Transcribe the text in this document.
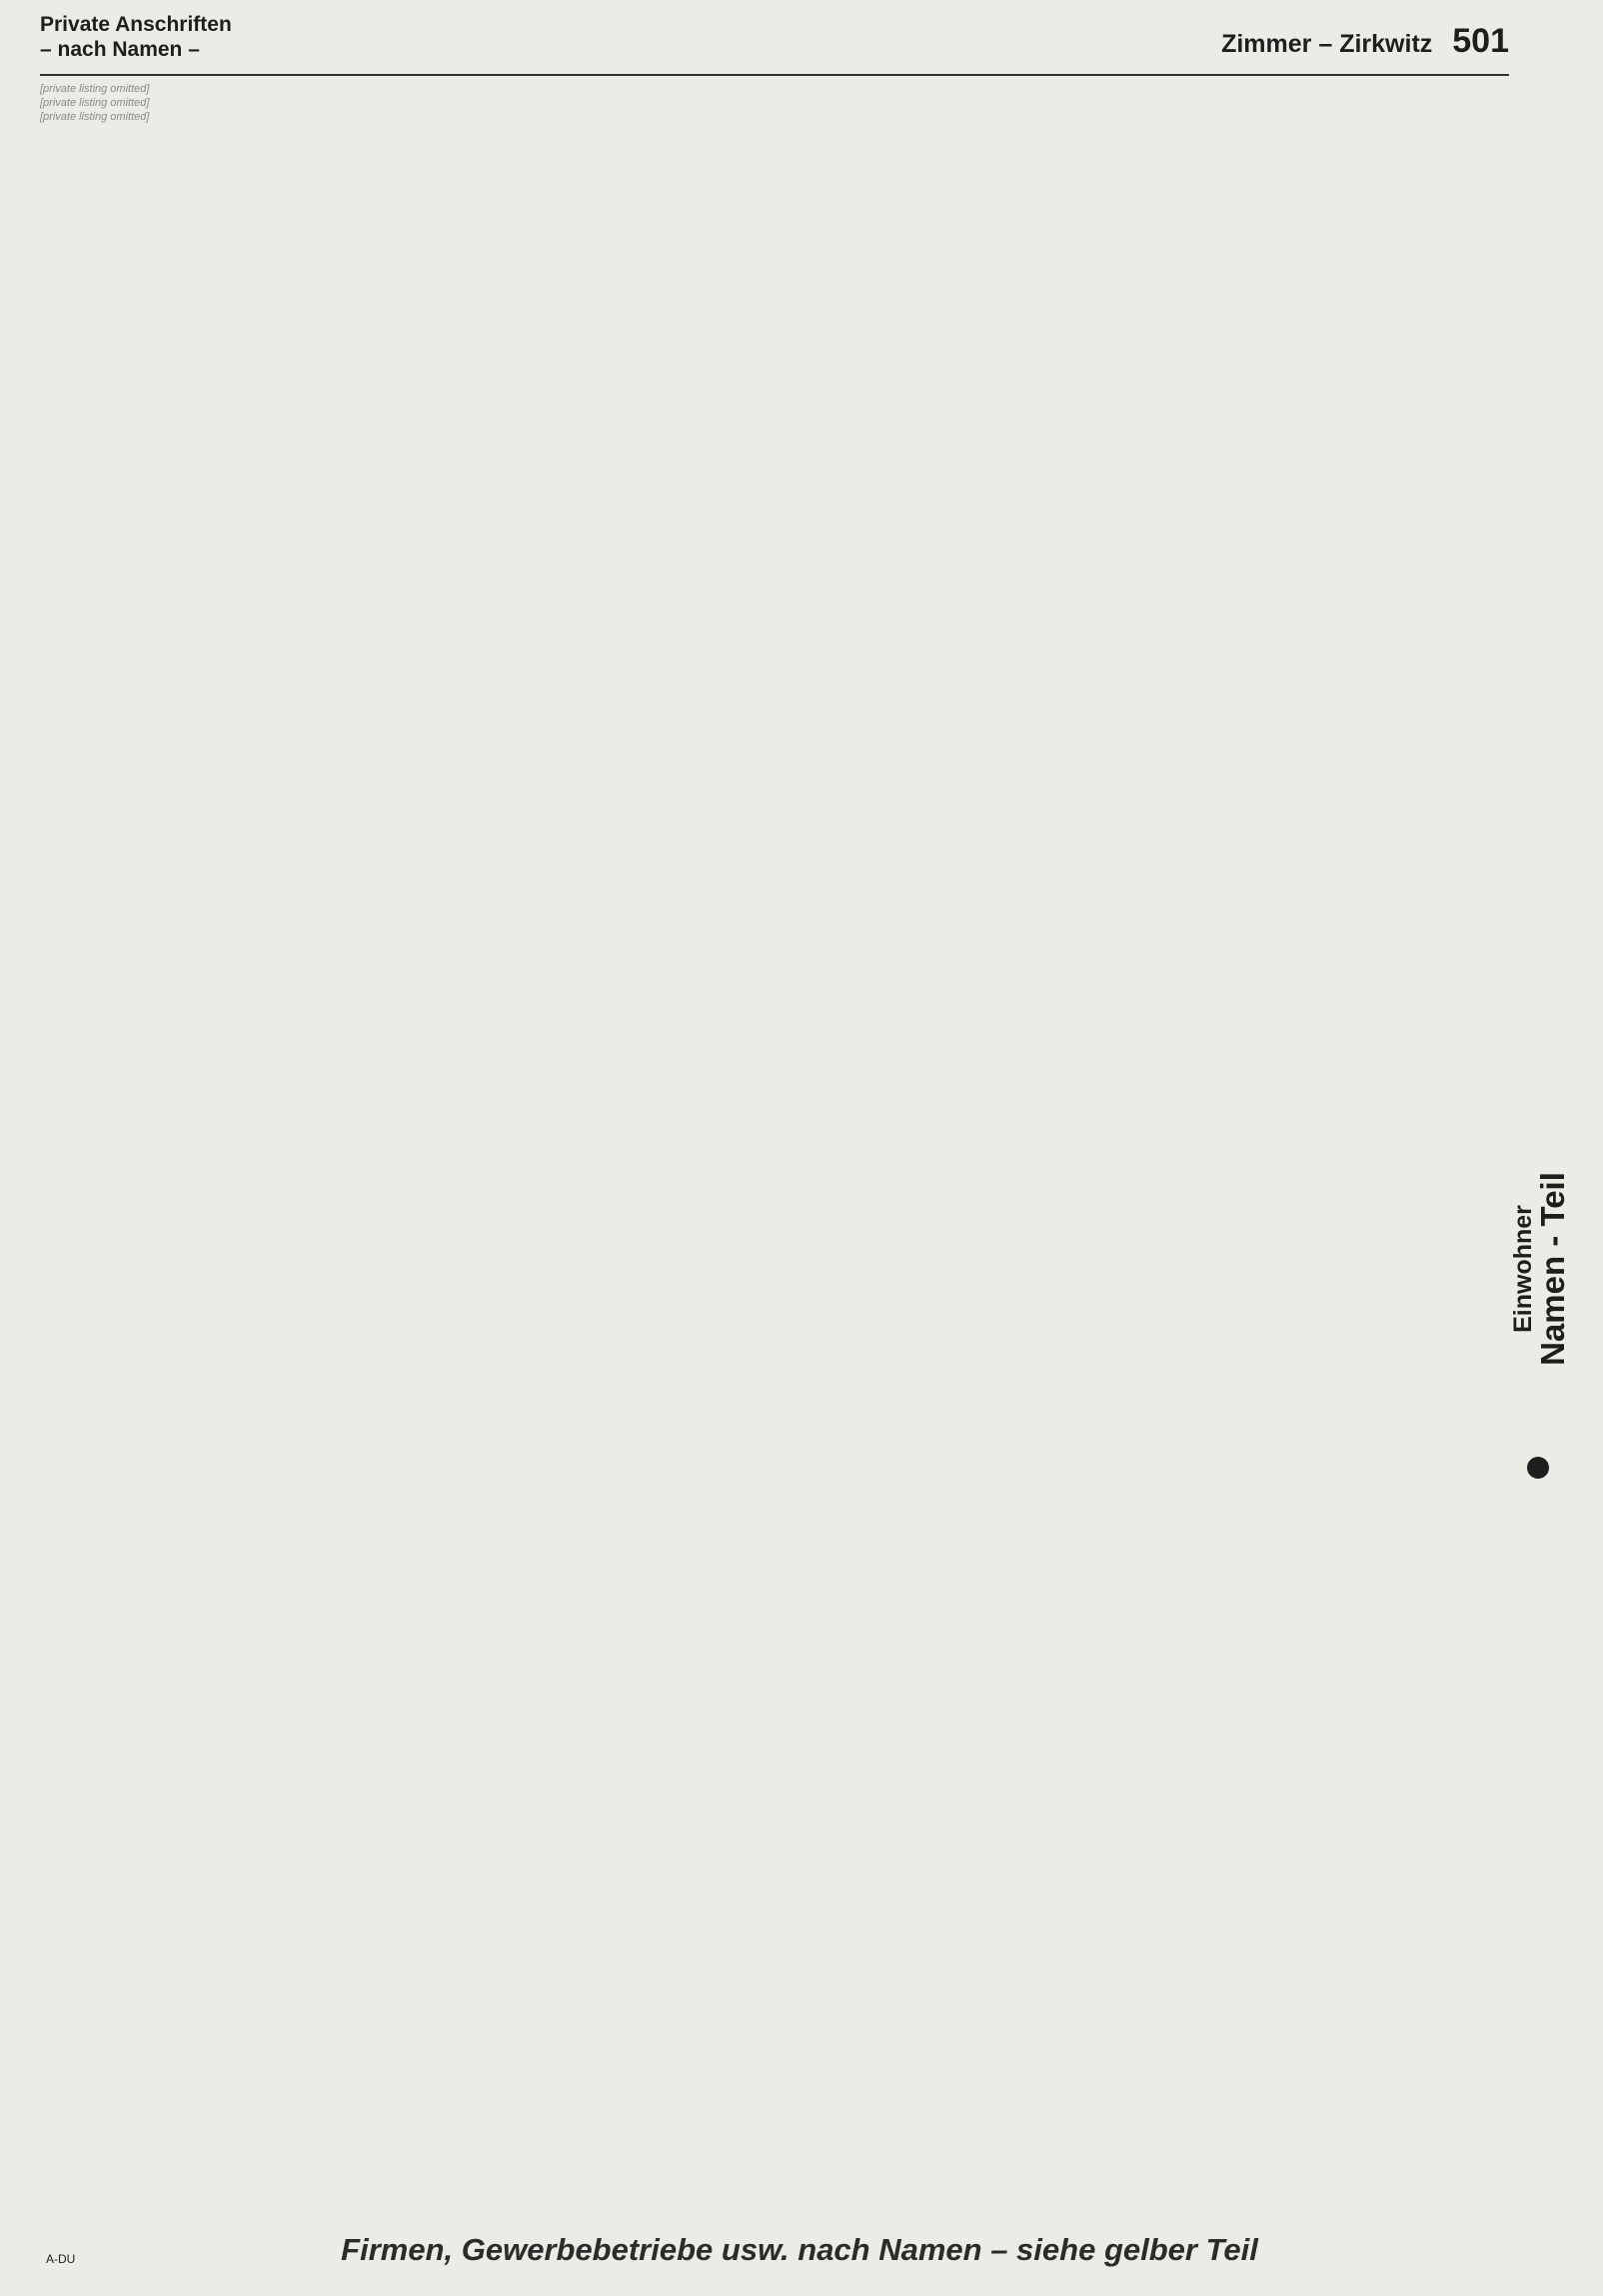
Private Anschriften
– nach Namen –	Zimmer – Zirkwitz 501
[private listing omitted]
[private listing omitted]
[private listing omitted]
Einwohner
Namen - Teil
A-DU	Firmen, Gewerbebetriebe usw. nach Namen – siehe gelber Teil
